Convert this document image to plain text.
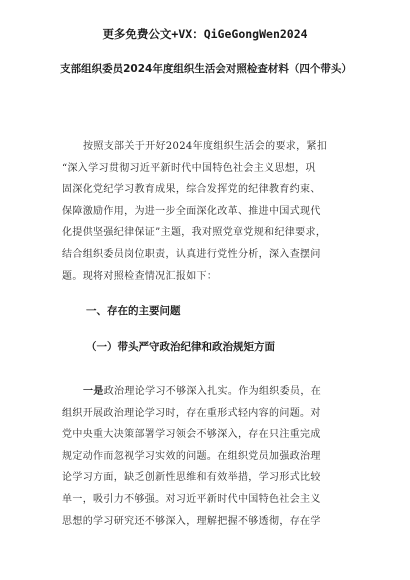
更多免费公文+VX：QiGeGongWen2024
支部组织委员2024年度组织生活会对照检查材料（四个带头）
按照支部关于开好2024年度组织生活会的要求，紧扣
“深入学习贯彻习近平新时代中国特色社会主义思想，巩
固深化党纪学习教育成果，综合发挥党的纪律教育约束、
保障激励作用，为进一步全面深化改革、推进中国式现代
化提供坚强纪律保证”主题，我对照党章党规和纪律要求，
结合组织委员岗位职责，认真进行党性分析，深入查摆问
题。现将对照检查情况汇报如下：
一、存在的主要问题
（一）带头严守政治纪律和政治规矩方面
一是政治理论学习不够深入扎实。作为组织委员，在
组织开展政治理论学习时，存在重形式轻内容的问题。对
党中央重大决策部署学习领会不够深入，存在只注重完成
规定动作而忽视学习实效的问题。在组织党员加强政治理
论学习方面，缺乏创新性思维和有效举措，学习形式比较
单一，吸引力不够强。对习近平新时代中国特色社会主义
思想的学习研究还不够深入，理解把握不够透彻，存在学
